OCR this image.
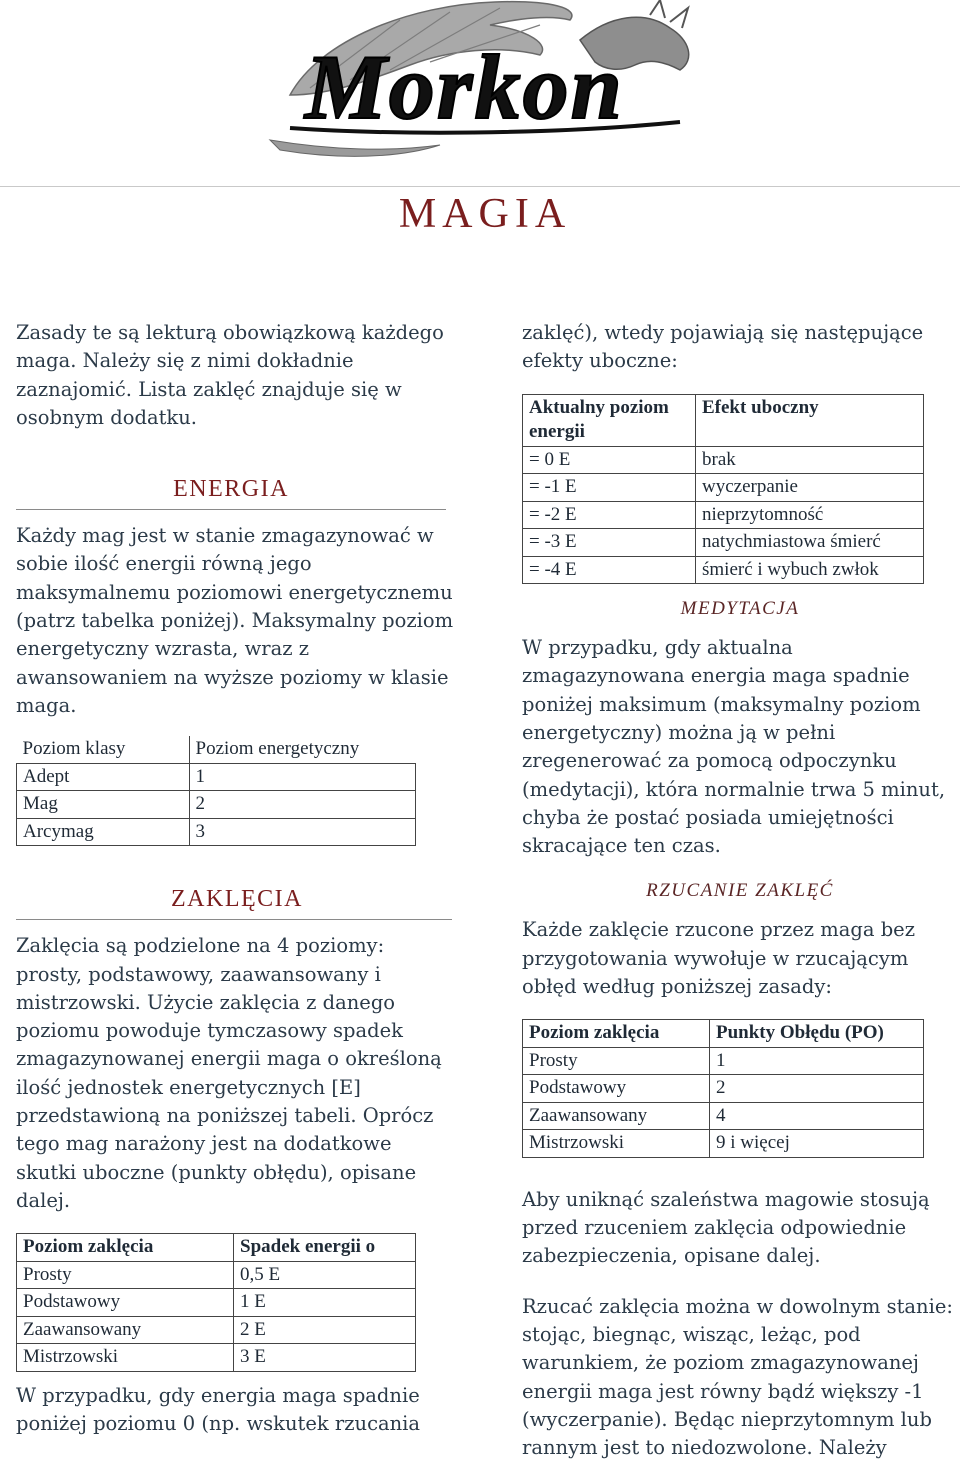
Morkon
MAGIA

Zasady te są lekturą obowiązkową każdego maga. Należy się z nimi dokładnie zaznajomić. Lista zaklęć znajduje się w osobnym dodatku.

ENERGIA

Każdy mag jest w stanie zmagazynować w sobie ilość energii równą jego maksymalnemu poziomowi energetycznemu (patrz tabelka poniżej). Maksymalny poziom energetyczny wzrasta, wraz z awansowaniem na wyższe poziomy w klasie maga.

Poziom klasy	Poziom energetyczny
Adept	1
Mag	2
Arcymag	3
ZAKLĘCIA

Zaklęcia są podzielone na 4 poziomy: prosty, podstawowy, zaawansowany i mistrzowski. Użycie zaklęcia z danego poziomu powoduje tymczasowy spadek zmagazynowanej energii maga o określoną ilość jednostek energetycznych [E] przedstawioną na poniższej tabeli. Oprócz tego mag narażony jest na dodatkowe skutki uboczne (punkty obłędu), opisane dalej.

Poziom zaklęcia	Spadek energii o
Prosty	0,5 E
Podstawowy	1 E
Zaawansowany	2 E
Mistrzowski	3 E

W przypadku, gdy energia maga spadnie poniżej poziomu 0 (np. wskutek rzucania

zaklęć), wtedy pojawiają się następujące efekty uboczne:

Aktualny poziom energii	Efekt uboczny
= 0 E	brak
= -1 E	wyczerpanie
= -2 E	nieprzytomność
= -3 E	natychmiastowa śmierć
= -4 E	śmierć i wybuch zwłok
MEDYTACJA

W przypadku, gdy aktualna zmagazynowana energia maga spadnie poniżej maksimum (maksymalny poziom energetyczny) można ją w pełni zregenerować za pomocą odpoczynku (medytacji), która normalnie trwa 5 minut, chyba że postać posiada umiejętności skracające ten czas.

RZUCANIE ZAKLĘĆ

Każde zaklęcie rzucone przez maga bez przygotowania wywołuje w rzucającym obłęd według poniższej zasady:

Poziom zaklęcia	Punkty Obłędu (PO)
Prosty	1
Podstawowy	2
Zaawansowany	4
Mistrzowski	9 i więcej

Aby uniknąć szaleństwa magowie stosują przed rzuceniem zaklęcia odpowiednie zabezpieczenia, opisane dalej.

Rzucać zaklęcia można w dowolnym stanie: stojąc, biegnąc, wisząc, leżąc, pod warunkiem, że poziom zmagazynowanej energii maga jest równy bądź większy -1 (wyczerpanie). Będąc nieprzytomnym lub rannym jest to niedozwolone. Należy
